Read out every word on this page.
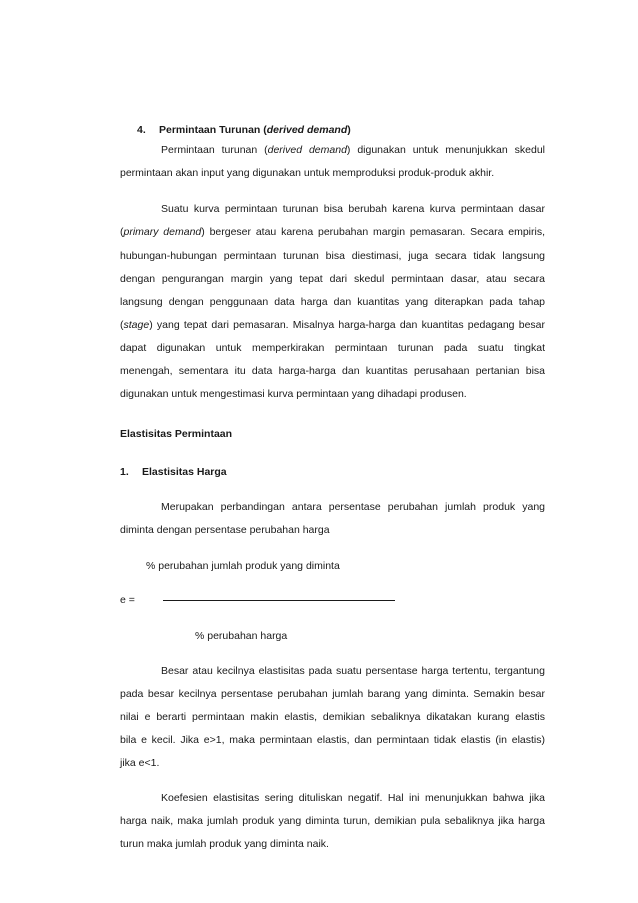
4. Permintaan Turunan (derived demand)
Permintaan turunan (derived demand) digunakan untuk menunjukkan skedul
permintaan akan input yang digunakan untuk memproduksi produk-produk akhir.
Suatu kurva permintaan turunan bisa berubah karena kurva permintaan dasar
(primary demand) bergeser atau karena perubahan margin pemasaran. Secara empiris,
hubungan-hubungan permintaan turunan bisa diestimasi, juga secara tidak langsung
dengan pengurangan margin yang tepat dari skedul permintaan dasar, atau secara
langsung dengan penggunaan data harga dan kuantitas yang diterapkan pada tahap
(stage) yang tepat dari pemasaran. Misalnya harga-harga dan kuantitas pedagang besar
dapat digunakan untuk memperkirakan permintaan turunan pada suatu tingkat
menengah, sementara itu data harga-harga dan kuantitas perusahaan pertanian bisa
digunakan untuk mengestimasi kurva permintaan yang dihadapi produsen.
Elastisitas Permintaan
1. Elastisitas Harga
Merupakan perbandingan antara persentase perubahan jumlah produk yang
diminta dengan persentase perubahan harga
% perubahan jumlah produk yang diminta
e =
% perubahan harga
Besar atau kecilnya elastisitas pada suatu persentase harga tertentu, tergantung
pada besar kecilnya persentase perubahan jumlah barang yang diminta. Semakin besar
nilai e berarti permintaan makin elastis, demikian sebaliknya dikatakan kurang elastis
bila e kecil. Jika e>1, maka permintaan elastis, dan permintaan tidak elastis (in elastis)
jika e<1.
Koefesien elastisitas sering dituliskan negatif. Hal ini menunjukkan bahwa jika
harga naik, maka jumlah produk yang diminta turun, demikian pula sebaliknya jika harga
turun maka jumlah produk yang diminta naik.
